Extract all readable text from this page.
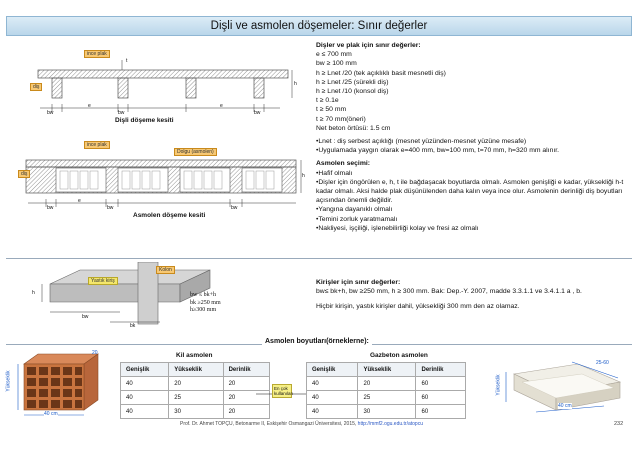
Dişli ve asmolen döşemeler: Sınır değerler
ince plak
diş
bw
e
bw
e
bw
t
h
Dişli döşeme kesiti
ince plak
Dolgu (asmolen)
diş
bw
e
bw	bw
h
Asmolen döşeme kesiti
Dişler ve plak için sınır değerler:
e ≤ 700 mm
bw ≥ 100 mm
h ≥ Lnet /20 (tek açıklıklı basit mesnetli diş)
h ≥ Lnet /25 (sürekli diş)
h ≥ Lnet /10 (konsol diş)
t ≥ 0.1e
t ≥ 50 mm
t ≥ 70 mm(öneri)
Net beton örtüsü: 1.5 cm
•Lnet : diş serbest açıklığı (mesnet yüzünden-mesnet yüzüne mesafe)
•Uygulamada yaygın olarak e=400 mm, bw=100 mm, t=70 mm, h=320 mm alınır.
Asmolen seçimi:
•Hafif olmalı
•Dişler için öngörülen e, h, t ile bağdaşacak boyutlarda olmalı. Asmolen genişliği e kadar, yüksekliği h-t kadar olmalı. Aksi halde plak düşünülenden daha kalın veya ince olur. Asmolenin derinliği diş boyutları açısından önemli değildir.
•Yangına dayanıklı olmalı
•Temini zorluk yaratmamalı
•Nakliyesi, işçiliği, işlenebilirliği kolay ve fresi az olmalı
Yastık kiriş
Kolon
h
bw
bk
bw ≤ bk+h
bk ≥250 mm
h≥300 mm
Kirişler için sınır değerler:
bw≤ bk+h, bw ≥250 mm, h ≥ 300 mm. Bak: Dep.-Y. 2007, madde 3.3.1.1 ve 3.4.1.1 a , b.
Hiçbir kirişin, yastık kirişler dahil, yüksekliği 300 mm den az olamaz.
Asmolen boyutları(örneklerne):
Yükseklik
40 cm
20	Kil asmolen
Genişlik	Yükseklik	Derinlik
40	20	20
40	25	20
40	30	20
En çok kullanılan
Gazbeton asmolen
Genişlik	Yükseklik	Derinlik
40	20	60
40	25	60
40	30	60
Yükseklik
40 cm
25-60
Prof. Dr. Ahmet TOPÇU, Betonarme II, Eskişehir Osmangazi Üniversitesi, 2015, http://mmf2.ogu.edu.tr/atopcu	232
